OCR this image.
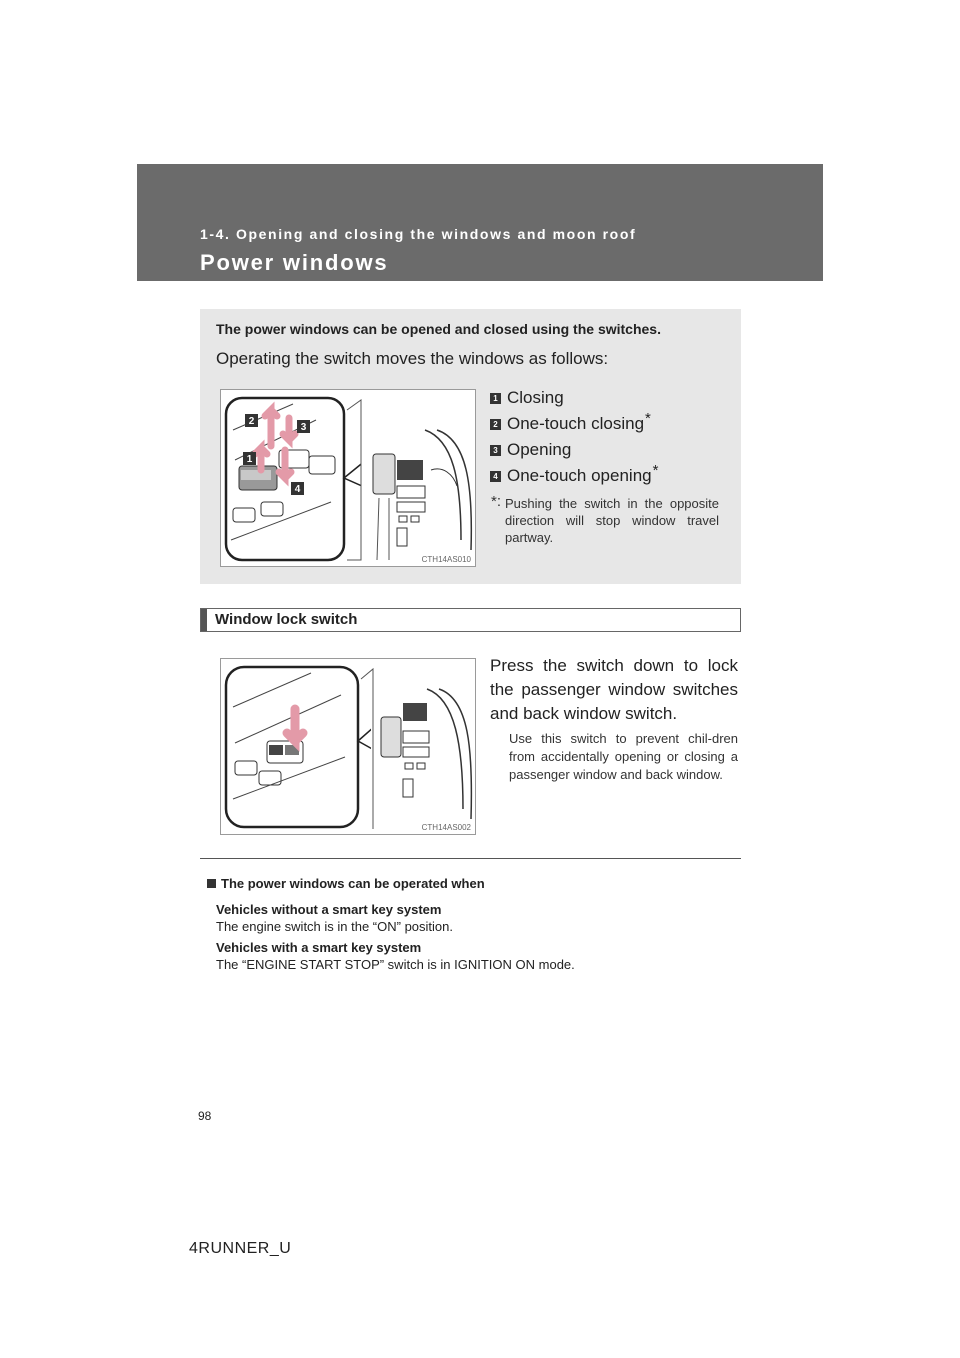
1-4. Opening and closing the windows and moon roof
Power windows
The power windows can be opened and closed using the switches.
Operating the switch moves the windows as follows:
2
3
1
4
CTH14AS010
1 Closing
2 One-touch closing*
3 Opening
4 One-touch opening*
*: Pushing the switch in the opposite direction will stop window travel partway.
Window lock switch
CTH14AS002
Press the switch down to lock the passenger window switches and back window switch.
Use this switch to prevent chil-dren from accidentally opening or closing a passenger window and back window.
The power windows can be operated when
Vehicles without a smart key system
The engine switch is in the “ON” position.
Vehicles with a smart key system
The “ENGINE START STOP” switch is in IGNITION ON mode.
98
4RUNNER_U
